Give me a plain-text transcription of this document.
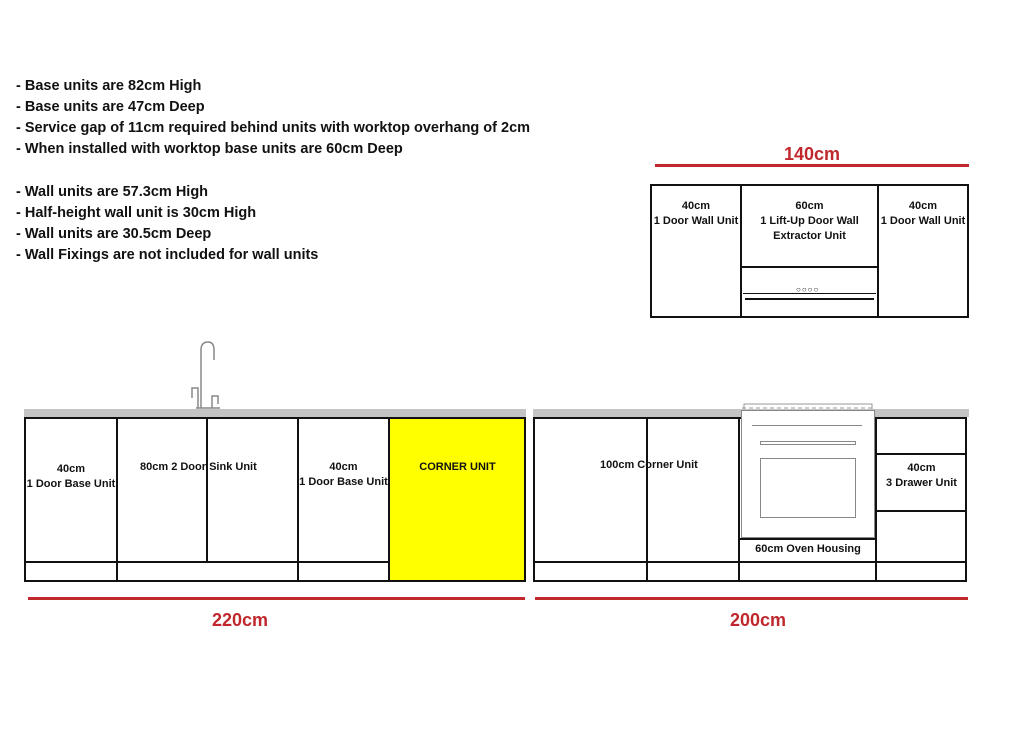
- Base units are 82cm High
- Base units are 47cm Deep
- Service gap of 11cm required behind units with worktop overhang of 2cm
- When installed with worktop base units are 60cm Deep
- Wall units are 57.3cm High
- Half-height wall unit is 30cm High
- Wall units are 30.5cm Deep
- Wall Fixings are not included for wall units
140cm
○○○○
40cm
1 Door Wall Unit
60cm
1 Lift-Up Door Wall
Extractor Unit
40cm
1 Door Wall Unit
40cm
1 Door Base Unit
80cm 2 Door Sink Unit	40cm
1 Door Base Unit
CORNER UNIT
220cm
100cm Corner Unit
60cm Oven Housing
40cm
3 Drawer Unit
200cm
